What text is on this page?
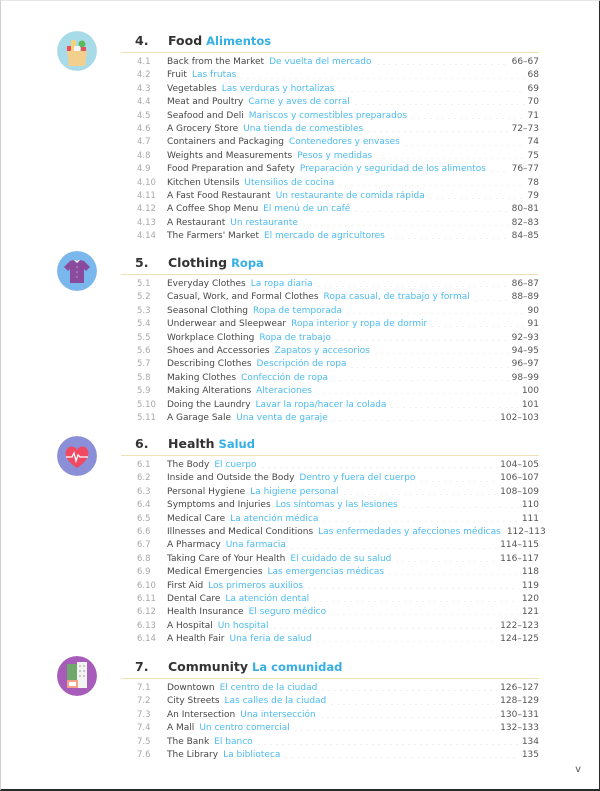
4. Food Alimentos
4.1	Back from the Market De vuelta del mercado	66–67
4.2	Fruit Las frutas	68
4.3	Vegetables Las verduras y hortalizas	69
4.4	Meat and Poultry Carne y aves de corral	70
4.5	Seafood and Deli Mariscos y comestibles preparados	71
4.6	A Grocery Store Una tienda de comestibles	72–73
4.7	Containers and Packaging Contenedores y envases	74
4.8	Weights and Measurements Pesos y medidas	75
4.9	Food Preparation and Safety Preparación y seguridad de los alimentos	76–77
4.10	Kitchen Utensils Utensilios de cocina	78
4.11	A Fast Food Restaurant Un restaurante de comida rápida	79
4.12	A Coffee Shop Menu El menú de un café	80–81
4.13	A Restaurant Un restaurante	82–83
4.14	The Farmers' Market El mercado de agricultores	84–85
5. Clothing Ropa
5.1	Everyday Clothes La ropa diaria	86–87
5.2	Casual, Work, and Formal Clothes Ropa casual, de trabajo y formal	88–89
5.3	Seasonal Clothing Ropa de temporada	90
5.4	Underwear and Sleepwear Ropa interior y ropa de dormir	91
5.5	Workplace Clothing Ropa de trabajo	92–93
5.6	Shoes and Accessories Zapatos y accesorios	94–95
5.7	Describing Clothes Descripción de ropa	96–97
5.8	Making Clothes Confección de ropa	98–99
5.9	Making Alterations Alteraciones	100
5.10	Doing the Laundry Lavar la ropa/hacer la colada	101
5.11	A Garage Sale Una venta de garaje	102–103
6. Health Salud
6.1	The Body El cuerpo	104–105
6.2	Inside and Outside the Body Dentro y fuera del cuerpo	106–107
6.3	Personal Hygiene La higiene personal	108–109
6.4	Symptoms and Injuries Los síntomas y las lesiones	110
6.5	Medical Care La atención médica	111
6.6	Illnesses and Medical Conditions Las enfermedades y afecciones médicas 112–113
6.7	A Pharmacy Una farmacia	114–115
6.8	Taking Care of Your Health El cuidado de su salud	116–117
6.9	Medical Emergencies Las emergencias médicas	118
6.10	First Aid Los primeros auxilios	119
6.11	Dental Care La atención dental	120
6.12	Health Insurance El seguro médico	121
6.13	A Hospital Un hospital	122–123
6.14	A Health Fair Una feria de salud	124–125
7. Community La comunidad
7.1	Downtown El centro de la ciudad	126–127
7.2	City Streets Las calles de la ciudad	128–129
7.3	An Intersection Una intersección	130–131
7.4	A Mall Un centro comercial	132–133
7.5	The Bank El banco	134
7.6	The Library La biblioteca	135
v
